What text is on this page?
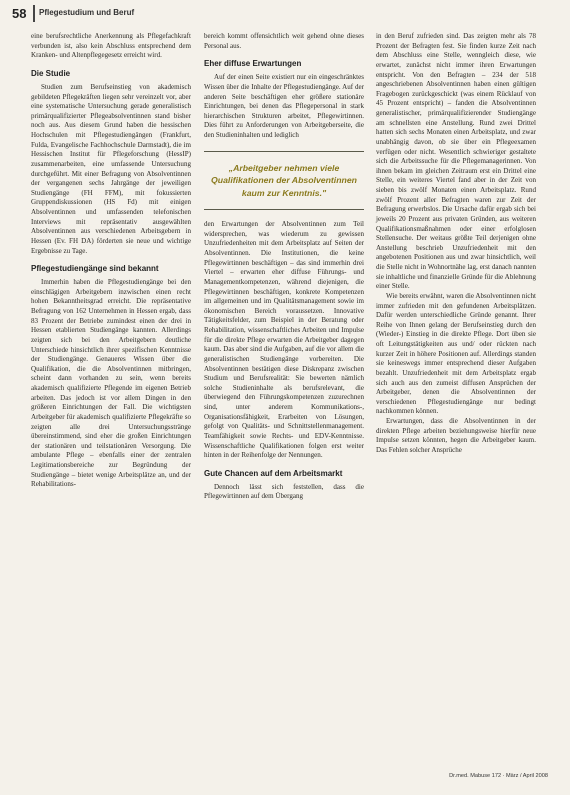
58 Pflegestudium und Beruf

eine berufsrechtliche Anerkennung als Pflegefachkraft verbunden ist, also kein Abschluss entsprechend dem Kranken- und Altenpflegegesetz erreicht wird.

Die Studie

Studien zum Berufseinstieg von akademisch gebildeten Pflegekräften liegen sehr vereinzelt vor, aber eine systematische Untersuchung gerade generalistisch primärqualifizierter Pflegeabsolventinnen stand bisher noch aus. Aus diesem Grund haben die hessischen Hochschulen mit Pflegestudiengängen (Frankfurt, Fulda, Evangelische Fachhochschule Darmstadt), die im Hessischen Institut für Pflegeforschung (HessIP) zusammenarbeiten, eine umfassende Untersuchung durchgeführt. Mit einer Befragung von Absolventinnen der vergangenen sechs Jahrgänge der jeweiligen Studiengänge (FH FFM), mit fokussierten Gruppendiskussionen (HS Fd) mit einigen Absolventinnen und umfassenden telefonischen Interviews mit repräsentativ ausgewählten Absolventinnen aus verschiedenen Arbeitsgebern in Hessen (Ev. FH DA) förderten sie neue und wichtige Ergebnisse zu Tage.

Pflegestudiengänge sind bekannt

Immerhin haben die Pflegestudiengänge bei den einschlägigen Arbeitgebern inzwischen einen recht hohen Bekanntheitsgrad erreicht. Die repräsentative Befragung von 162 Unternehmen in Hessen ergab, dass 83 Prozent der Betriebe zumindest einen der drei in Hessen etablierten Studiengänge kannten. Allerdings zeigten sich bei den Arbeitgebern deutliche Unterschiede hinsichtlich ihrer spezifischen Kenntnisse der Studiengänge. Genaueres Wissen über die Qualifikation, die die Absolventinnen mitbringen, scheint dann vorhanden zu sein, wenn bereits akademisch qualifizierte Pflegende im eigenen Betrieb arbeiten. Das jedoch ist vor allem Dingen in den größeren Einrichtungen der Fall. Die wichtigsten Arbeitgeber für akademisch qualifizierte Pflegekräfte so zeigten alle drei Untersuchungsstränge übereinstimmend, sind eher die großen Einrichtungen der stationären und teilstationären Versorgung. Die ambulante Pflege – ebenfalls einer der zentralen Legitimationsbereiche zur Begründung der Studiengänge – bietet wenige Arbeitsplätze an, und der Rehabilitations-

bereich kommt offensichtlich weit gehend ohne dieses Personal aus.

Eher diffuse Erwartungen

Auf der einen Seite existiert nur ein eingeschränktes Wissen über die Inhalte der Pflegestudiengänge. Auf der anderen Seite beschäftigen eher größere stationäre Einrichtungen, bei denen das Pflegepersonal in stark hierarchischen Strukturen arbeitet, Pflegewirtinnen. Dies führt zu Anforderungen von Arbeitgeberseite, die den Studieninhalten und lediglich

„Arbeitgeber nehmen viele Qualifikationen der Absolventinnen kaum zur Kenntnis."

den Erwartungen der Absolventinnen zum Teil widersprechen, was wiederum zu gewissen Unzufriedenheiten mit dem Arbeitsplatz auf Seiten der Absolventinnen. Die Institutionen, die keine Pflegewirtinnen beschäftigen – das sind immerhin drei Viertel – erwarten eher diffuse Führungs- und Managementkompetenzen, während diejenigen, die Pflegewirtinnen beschäftigen, konkrete Kompetenzen im allgemeinen und im Qualitätsmanagement sowie im ökonomischen Bereich voraussetzen. Innovative Tätigkeitsfelder, zum Beispiel in der Beratung oder Rehabilitation, wissenschaftliches Arbeiten und Impulse für die direkte Pflege erwarten die Arbeitgeber dagegen kaum. Das aber sind die Aufgaben, auf die vor allem die generalistischen Studiengänge vorbereiten. Die Absolventinnen bestätigen diese Diskrepanz zwischen Studium und Berufsrealität: Sie bewerten nämlich solche Studieninhalte als berufsrelevant, die überwiegend den Führungskompetenzen zuzurechnen sind, unter anderem Kommunikations-, Organisationsfähigkeit, Erarbeiten von Lösungen, gefolgt von Qualitäts- und Schnittstellenmanagement. Teamfähigkeit sowie Rechts- und EDV-Kenntnisse. Wissenschaftliche Qualifikationen folgen erst weiter hinten in der Reihenfolge der Nennungen.

Gute Chancen auf dem Arbeitsmarkt

Dennoch lässt sich feststellen, dass die Pflegewirtinnen auf dem Übergang

in den Beruf zufrieden sind. Das zeigten mehr als 78 Prozent der Befragten fest. Sie finden kurze Zeit nach dem Abschluss eine Stelle, wenngleich diese, wie erwartet, zunächst nicht immer ihren Erwartungen entspricht. Von den Befragten – 234 der 518 angeschriebenen Absolventinnen haben einen gültigen Fragebogen zurückgeschickt (was einem Rücklauf von 45 Prozent entspricht) – fanden die Absolventinnen generalistischer, primärqualifizierender Studiengänge am schnellsten eine Anstellung. Rund zwei Drittel hatten sich sechs Monaten einen Arbeitsplatz, und zwar unabhängig davon, ob sie über ein Pflegeexamen verfügen oder nicht. Wesentlich schwieriger gestaltete sich die Arbeitssuche für die Pflegemanagerinnen. Von ihnen bekam im gleichen Zeitraum erst ein Drittel eine Stelle, ein weiteres Viertel fand aber in der Zeit von sieben bis zwölf Monaten einen Arbeitsplatz. Rund zwölf Prozent aller Befragten waren zur Zeit der Befragung erwerbslos. Die Ursache dafür ergab sich bei jeweils 20 Prozent aus privaten Gründen, aus weiteren Qualifikationsmaßnahmen oder einer erfolglosen Stellensuche. Der weitaus größte Teil derjenigen ohne Anstellung beschrieb Unzufriedenheit mit den angebotenen Positionen aus und zwar hinsichtlich, weil die Stelle nicht in Wohnortnähe lag, erst danach nannten sie inhaltliche und finanzielle Gründe für die Ablehnung einer Stelle.

Wie bereits erwähnt, waren die Absolventinnen nicht immer zufrieden mit den gefundenen Arbeitsplätzen. Dafür werden unterschiedliche Gründe genannt. Ihrer Reihe von Ihnen gelang der Berufseinstieg durch den (Wieder-) Einstieg in die direkte Pflege. Dort üben sie oft Leitungstätigkeiten aus und/ oder rückten nach kurzer Zeit in höhere Positionen auf. Allerdings standen sie keineswegs immer entsprechend dieser Aufgaben bezahlt. Unzufriedenheit mit dem Arbeitsplatz ergab sich auch aus den zumeist diffusen Ansprüchen der Arbeitgeber, denen die Absolventinnen der verschiedenen Pflegestudiengänge nur bedingt nachkommen können.

Erwartungen, dass die Absolventinnen in der direkten Pflege arbeiten beziehungsweise hierfür neue Impulse setzen könnten, hegen die Arbeitgeber kaum. Das Fehlen solcher Ansprüche

Dr.med. Mabuse 172 · März / April 2008
